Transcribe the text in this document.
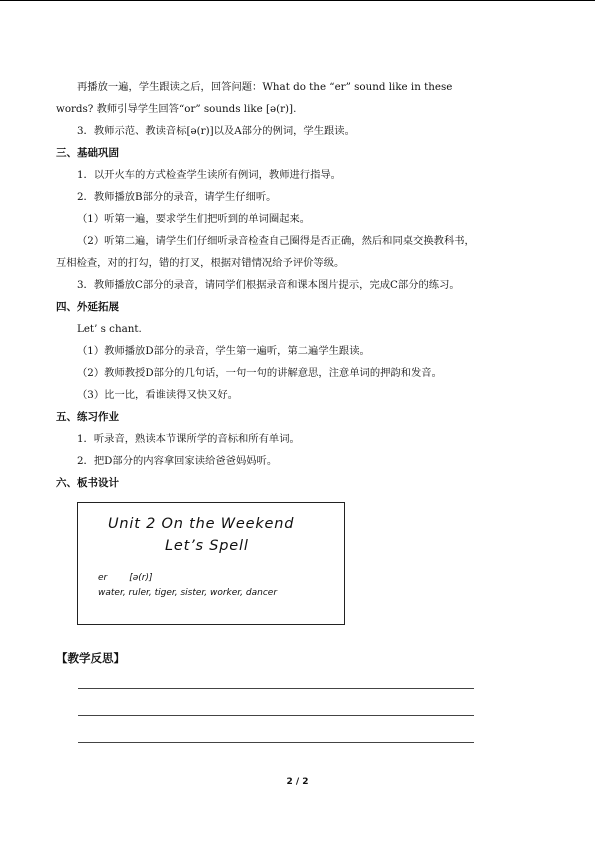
再播放一遍，学生跟读之后，回答问题：What do the “er” sound like in these

words? 教师引导学生回答“or” sounds like [ə(r)].

3．教师示范、教读音标[ə(r)]以及A部分的例词，学生跟读。

三、基础巩固

1．以开火车的方式检查学生读所有例词，教师进行指导。

2．教师播放B部分的录音，请学生仔细听。

（1）听第一遍，要求学生们把听到的单词圈起来。

（2）听第二遍，请学生们仔细听录音检查自己圈得是否正确，然后和同桌交换教科书，

互相检查，对的打勾，错的打叉，根据对错情况给予评价等级。

3．教师播放C部分的录音，请同学们根据录音和课本图片提示，完成C部分的练习。

四、外延拓展

Let’ s chant.

（1）教师播放D部分的录音，学生第一遍听，第二遍学生跟读。

（2）教师教授D部分的几句话，一句一句的讲解意思，注意单词的押韵和发音。

（3）比一比，看谁读得又快又好。

五、练习作业

1．听录音，熟读本节课所学的音标和所有单词。

2．把D部分的内容拿回家读给爸爸妈妈听。

六、板书设计

Unit 2 On the Weekend
Let’s Spell
er [ə(r)]
water, ruler, tiger, sister, worker, dancer
【教学反思】
2 / 2
